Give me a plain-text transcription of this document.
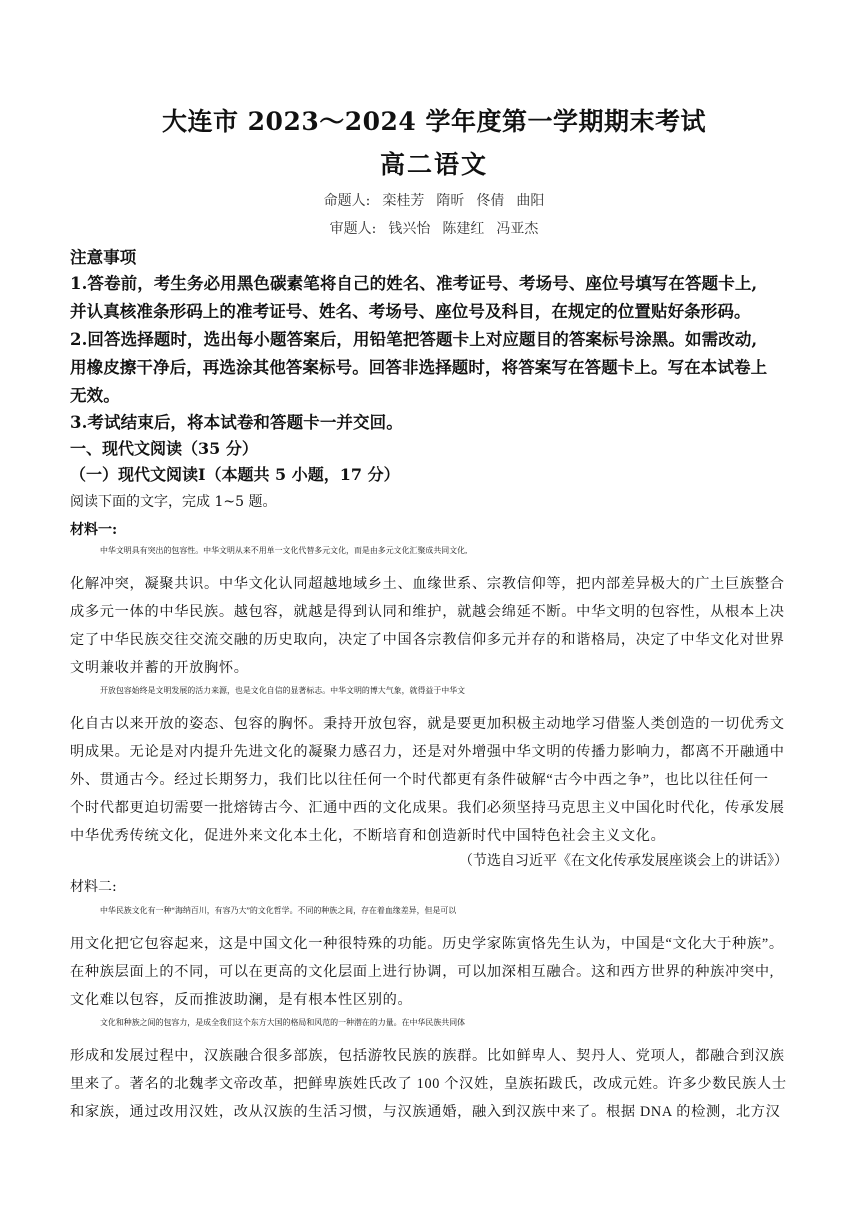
大连市 2023～2024 学年度第一学期期末考试
高二语文
命题人: 栾桂芳 隋昕 佟倩 曲阳
审题人: 钱兴怡 陈建红 冯亚杰
注意事项
1.答卷前，考生务必用黑色碳素笔将自己的姓名、准考证号、考场号、座位号填写在答题卡上,
并认真核准条形码上的准考证号、姓名、考场号、座位号及科目，在规定的位置贴好条形码。
2.回答选择题时，选出每小题答案后，用铅笔把答题卡上对应题目的答案标号涂黑。如需改动,
用橡皮擦干净后，再选涂其他答案标号。回答非选择题时，将答案写在答题卡上。写在本试卷上
无效。
3.考试结束后，将本试卷和答题卡一并交回。
一、现代文阅读（35 分）
（一）现代文阅读Ⅰ（本题共 5 小题，17 分）
阅读下面的文字，完成 1~5 题。
材料一:
中华文明具有突出的包容性。中华文明从来不用单一文化代替多元文化，而是由多元文化汇聚成共同文化,
化解冲突，凝聚共识。中华文化认同超越地域乡土、血缘世系、宗教信仰等，把内部差异极大的广土巨族整合
成多元一体的中华民族。越包容，就越是得到认同和维护，就越会绵延不断。中华文明的包容性，从根本上决
定了中华民族交往交流交融的历史取向，决定了中国各宗教信仰多元并存的和谐格局，决定了中华文化对世界
文明兼收并蓄的开放胸怀。
开放包容始终是文明发展的活力来源，也是文化自信的显著标志。中华文明的博大气象，就得益于中华文
化自古以来开放的姿态、包容的胸怀。秉持开放包容，就是要更加积极主动地学习借鉴人类创造的一切优秀文
明成果。无论是对内提升先进文化的凝聚力感召力，还是对外增强中华文明的传播力影响力，都离不开融通中
外、贯通古今。经过长期努力，我们比以往任何一个时代都更有条件破解“古今中西之争”，也比以往任何一
个时代都更迫切需要一批熔铸古今、汇通中西的文化成果。我们必须坚持马克思主义中国化时代化，传承发展
中华优秀传统文化，促进外来文化本土化，不断培育和创造新时代中国特色社会主义文化。
（节选自习近平《在文化传承发展座谈会上的讲话》）
材料二:
中华民族文化有一种“海纳百川，有容乃大”的文化哲学。不同的种族之间，存在着血缘差异，但是可以
用文化把它包容起来，这是中国文化一种很特殊的功能。历史学家陈寅恪先生认为，中国是“文化大于种族”。
在种族层面上的不同，可以在更高的文化层面上进行协调，可以加深相互融合。这和西方世界的种族冲突中,
文化难以包容，反而推波助澜，是有根本性区别的。
文化和种族之间的包容力，是成全我们这个东方大国的格局和风范的一种潜在的力量。在中华民族共同体
形成和发展过程中，汉族融合很多部族，包括游牧民族的族群。比如鲜卑人、契丹人、党项人，都融合到汉族
里来了。著名的北魏孝文帝改革，把鲜卑族姓氏改了 100 个汉姓，皇族拓跋氏，改成元姓。许多少数民族人士
和家族，通过改用汉姓，改从汉族的生活习惯，与汉族通婚，融入到汉族中来了。根据 DNA 的检测，北方汉
